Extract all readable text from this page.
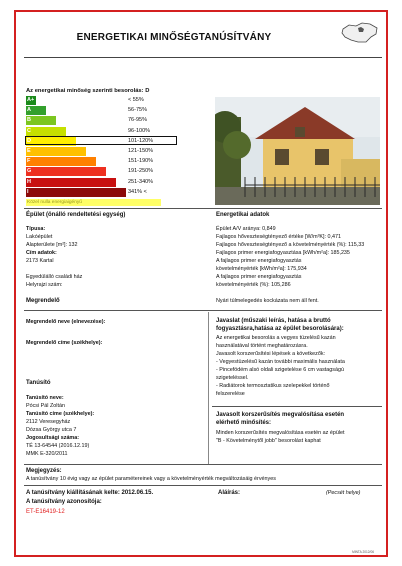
ENERGETIKAI MINŐSÉGTANÚSÍTVÁNY
Az energetikai minőség szerinti besorolás: D
A+	< 55%
A	56-75%
B	76-95%
C	96-100%
D	101-120%
E	121-150%
F	151-190%
G	191-250%
H	251-340%
I	341% <
Közel nulla energiaigényű
Épület (önálló rendeltetési egység)	Energetikai adatok
Típusa:
Lakóépület
Alapterülete [m²]: 132
Cím adatok:
2173 Kartal
Egyedülálló családi ház
Helyrajzi szám:
Épület A/V aránya: 0,849
Fajlagos hőveszteségtényező értéke [W/m³K]: 0,471
Fajlagos hőveszteségtényező a követelményérték (%): 115,33
Fajlagos primer energiafogyasztása [kWh/m²a]: 185,235
A fajlagos primer energiafogyasztás
követelményérték [kWh/m²a]: 175,934
A fajlagos primer energiafogyasztás
követelményérték (%): 105,286
Megrendelő	Nyári túlmelegedés kockázata nem áll fent.
Megrendelő neve (elnevezése):
Megrendelő címe (székhelye):
Javaslat (műszaki leírás, hatása a bruttó
fogyasztásra,hatása az épület besorolására):
Az energetikai besorolás a vegyes tüzelésű kazán
használatával történt meghatározásra.
Javasolt korszerűsítési lépések a következők:
- Vegyestüzelésű kazán további maximális használata
- Pincefödém alsó oldali szigetelése 6 cm vastagságú
szigeteléssel.
- Radiátorok termosztatikus szelepekkel történő
felszerelése
Tanúsító
Tanúsító neve:
Pócsi Pál Zoltán
Tanúsító címe (székhelye):
2112 Veresegyház
Dózsa György utca 7
Jogosultsági száma:
TÉ 13-64544 (2016.12.19)
MMK E-320/2011
Javasolt korszerűsítés megvalósítása esetén
elérhető minősítés:
Minden korszerűsítés megvalósítása esetén az épület
"B - Követelménytől jobb" besorolást kaphat
Megjegyzés:
A tanúsítvány 10 évig vagy az épület paramétereinek vagy a követelményérték megváltozásáig érvényes
A tanúsítvány kiállításának kelte: 2012.06.15.
A tanúsítvány azonosítója:
ET-E16419-12
Aláírás:	(Pecsét helye)
MINTA 2012/06
